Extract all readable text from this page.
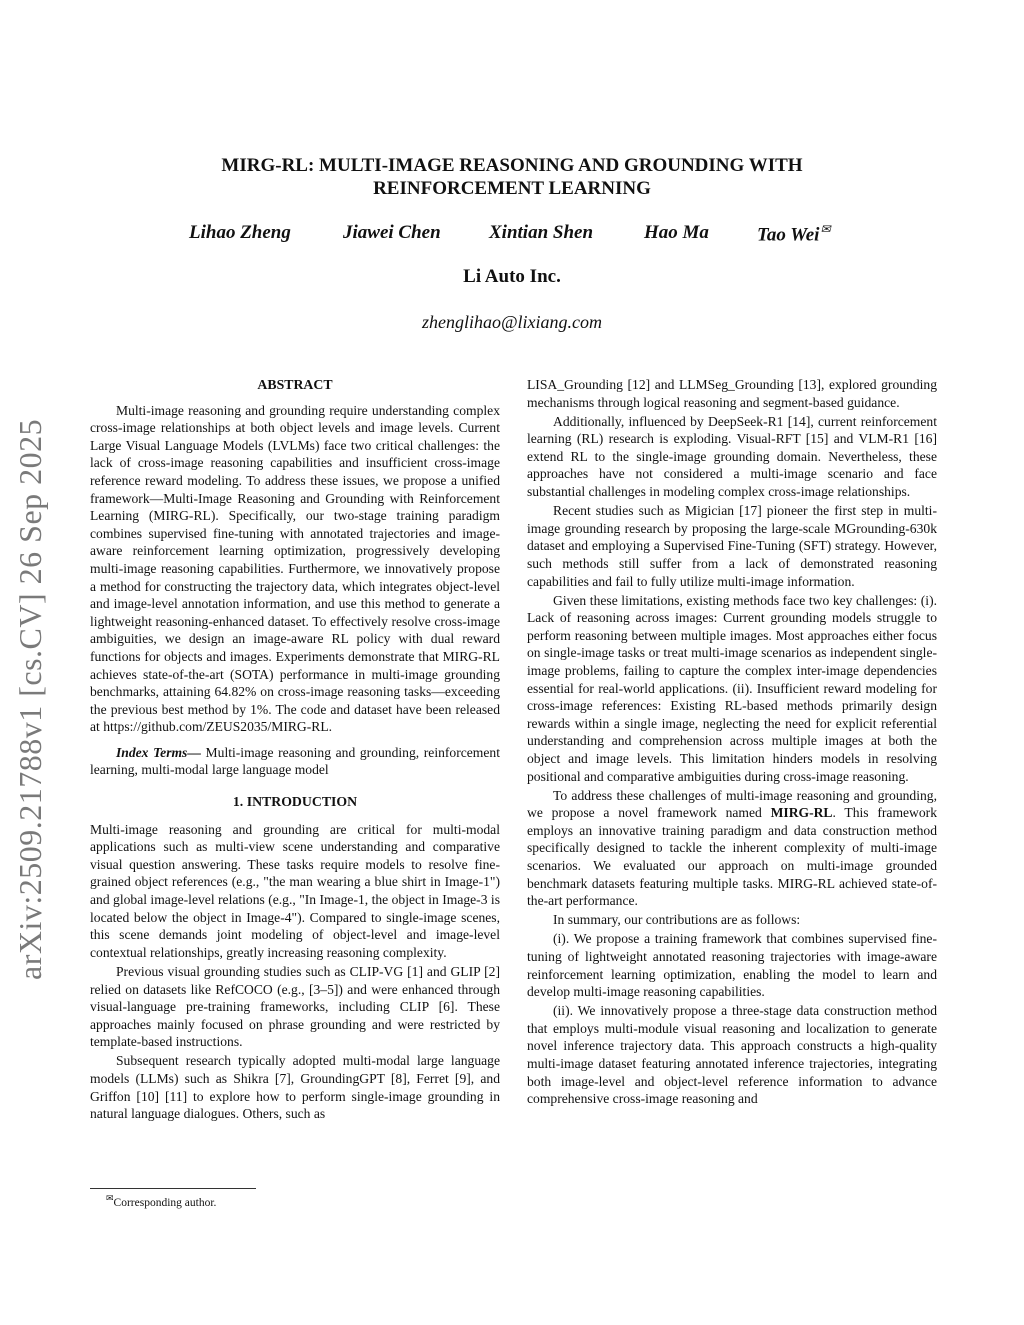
arXiv:2509.21788v1 [cs.CV] 26 Sep 2025
MIRG-RL: MULTI-IMAGE REASONING AND GROUNDING WITH REINFORCEMENT LEARNING
Lihao Zheng	Jiawei Chen	Xintian Shen	Hao Ma	Tao Wei✉
Li Auto Inc.
zhenglihao@lixiang.com
ABSTRACT

Multi-image reasoning and grounding require understanding complex cross-image relationships at both object levels and image levels. Current Large Visual Language Models (LVLMs) face two critical challenges: the lack of cross-image reasoning capabilities and insufficient cross-image reference reward modeling. To address these issues, we propose a unified framework—Multi-Image Reasoning and Grounding with Reinforcement Learning (MIRG-RL). Specifically, our two-stage training paradigm combines supervised fine-tuning with annotated trajectories and image-aware reinforcement learning optimization, progressively developing multi-image reasoning capabilities. Furthermore, we innovatively propose a method for constructing the trajectory data, which integrates object-level and image-level annotation information, and use this method to generate a lightweight reasoning-enhanced dataset. To effectively resolve cross-image ambiguities, we design an image-aware RL policy with dual reward functions for objects and images. Experiments demonstrate that MIRG-RL achieves state-of-the-art (SOTA) performance in multi-image grounding benchmarks, attaining 64.82% on cross-image reasoning tasks—exceeding the previous best method by 1%. The code and dataset have been released at https://github.com/ZEUS2035/MIRG-RL.

Index Terms— Multi-image reasoning and grounding, reinforcement learning, multi-modal large language model

1. INTRODUCTION

Multi-image reasoning and grounding are critical for multi-modal applications such as multi-view scene understanding and comparative visual question answering. These tasks require models to resolve fine-grained object references (e.g., "the man wearing a blue shirt in Image-1") and global image-level relations (e.g., "In Image-1, the object in Image-3 is located below the object in Image-4"). Compared to single-image scenes, this scene demands joint modeling of object-level and image-level contextual relationships, greatly increasing reasoning complexity.

Previous visual grounding studies such as CLIP-VG [1] and GLIP [2] relied on datasets like RefCOCO (e.g., [3–5]) and were enhanced through visual-language pre-training frameworks, including CLIP [6]. These approaches mainly focused on phrase grounding and were restricted by template-based instructions.

Subsequent research typically adopted multi-modal large language models (LLMs) such as Shikra [7], GroundingGPT [8], Ferret [9], and Griffon [10] [11] to explore how to perform single-image grounding in natural language dialogues. Others, such as

LISA_Grounding [12] and LLMSeg_Grounding [13], explored grounding mechanisms through logical reasoning and segment-based guidance.

Additionally, influenced by DeepSeek-R1 [14], current reinforcement learning (RL) research is exploding. Visual-RFT [15] and VLM-R1 [16] extend RL to the single-image grounding domain. Nevertheless, these approaches have not considered a multi-image scenario and face substantial challenges in modeling complex cross-image relationships.

Recent studies such as Migician [17] pioneer the first step in multi-image grounding research by proposing the large-scale MGrounding-630k dataset and employing a Supervised Fine-Tuning (SFT) strategy. However, such methods still suffer from a lack of demonstrated reasoning capabilities and fail to fully utilize multi-image information.

Given these limitations, existing methods face two key challenges: (i). Lack of reasoning across images: Current grounding models struggle to perform reasoning between multiple images. Most approaches either focus on single-image tasks or treat multi-image scenarios as independent single-image problems, failing to capture the complex inter-image dependencies essential for real-world applications. (ii). Insufficient reward modeling for cross-image references: Existing RL-based methods primarily design rewards within a single image, neglecting the need for explicit referential understanding and comprehension across multiple images at both the object and image levels. This limitation hinders models in resolving positional and comparative ambiguities during cross-image reasoning.

To address these challenges of multi-image reasoning and grounding, we propose a novel framework named MIRG-RL. This framework employs an innovative training paradigm and data construction method specifically designed to tackle the inherent complexity of multi-image scenarios. We evaluated our approach on multi-image grounded benchmark datasets featuring multiple tasks. MIRG-RL achieved state-of-the-art performance.

In summary, our contributions are as follows:

(i). We propose a training framework that combines supervised fine-tuning of lightweight annotated reasoning trajectories with image-aware reinforcement learning optimization, enabling the model to learn and develop multi-image reasoning capabilities.

(ii). We innovatively propose a three-stage data construction method that employs multi-module visual reasoning and localization to generate novel inference trajectory data. This approach constructs a high-quality multi-image dataset featuring annotated inference trajectories, integrating both image-level and object-level reference information to advance comprehensive cross-image reasoning and

✉Corresponding author.
